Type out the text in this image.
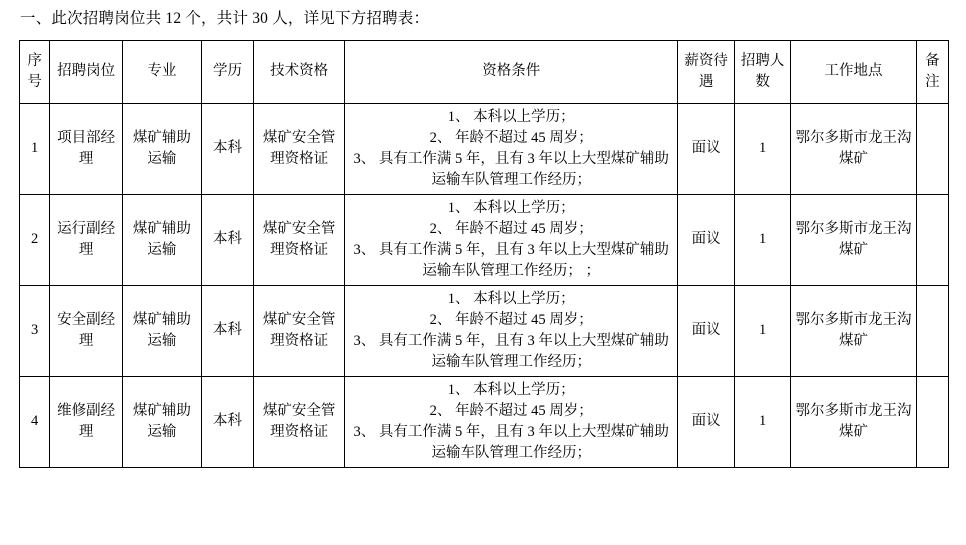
一、此次招聘岗位共 12 个，共计 30 人，详见下方招聘表：
序号	招聘岗位	专业	学历	技术资格	资格条件	薪资待遇	招聘人数	工作地点	备注
1	项目部经理	煤矿辅助运输	本科	煤矿安全管理资格证	1、 本科以上学历；
2、 年龄不超过 45 周岁；
3、 具有工作满 5 年，且有 3 年以上大型煤矿辅助运输车队管理工作经历；	面议	1	鄂尔多斯市龙王沟煤矿	
2	运行副经理	煤矿辅助运输	本科	煤矿安全管理资格证	1、 本科以上学历；
2、 年龄不超过 45 周岁；
3、 具有工作满 5 年，且有 3 年以上大型煤矿辅助运输车队管理工作经历； ；	面议	1	鄂尔多斯市龙王沟煤矿	
3	安全副经理	煤矿辅助运输	本科	煤矿安全管理资格证	1、 本科以上学历；
2、 年龄不超过 45 周岁；
3、 具有工作满 5 年，且有 3 年以上大型煤矿辅助运输车队管理工作经历；	面议	1	鄂尔多斯市龙王沟煤矿	
4	维修副经理	煤矿辅助运输	本科	煤矿安全管理资格证	1、 本科以上学历；
2、 年龄不超过 45 周岁；
3、 具有工作满 5 年，且有 3 年以上大型煤矿辅助运输车队管理工作经历；	面议	1	鄂尔多斯市龙王沟煤矿	
